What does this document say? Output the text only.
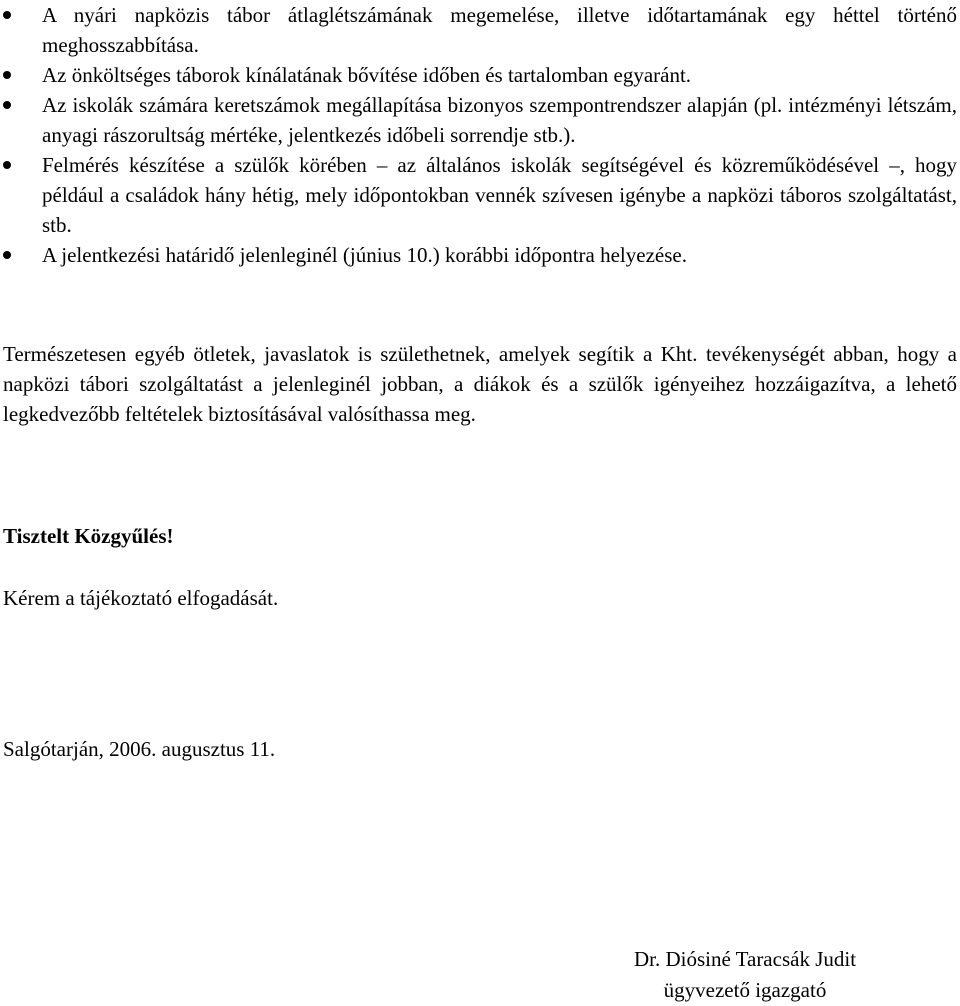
A nyári napközis tábor átlaglétszámának megemelése, illetve időtartamának egy héttel történő meghosszabbítása.
Az önköltséges táborok kínálatának bővítése időben és tartalomban egyaránt.
Az iskolák számára keretszámok megállapítása bizonyos szempontrendszer alapján (pl. intézményi létszám, anyagi rászorultság mértéke, jelentkezés időbeli sorrendje stb.).
Felmérés készítése a szülők körében – az általános iskolák segítségével és közreműködésével –, hogy például a családok hány hétig, mely időpontokban vennék szívesen igénybe a napközi táboros szolgáltatást, stb.
A jelentkezési határidő jelenleginél (június 10.) korábbi időpontra helyezése.

Természetesen egyéb ötletek, javaslatok is születhetnek, amelyek segítik a Kht. tevékenységét abban, hogy a napközi tábori szolgáltatást a jelenleginél jobban, a diákok és a szülők igényeihez hozzáigazítva, a lehető legkedvezőbb feltételek biztosításával valósíthassa meg.

Tisztelt Közgyűlés!

Kérem a tájékoztató elfogadását.

Salgótarján, 2006. augusztus 11.

Dr. Diósiné Taracsák Judit
ügyvezető igazgató
